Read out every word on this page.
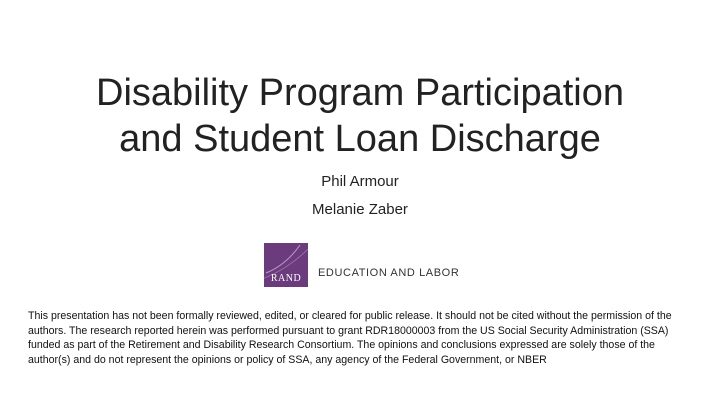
Disability Program Participation
and Student Loan Discharge
Phil Armour
Melanie Zaber
RAND	EDUCATION AND LABOR

This presentation has not been formally reviewed, edited, or cleared for public release. It should not be cited without the permission of the authors. The research reported herein was performed pursuant to grant RDR18000003 from the US Social Security Administration (SSA) funded as part of the Retirement and Disability Research Consortium. The opinions and conclusions expressed are solely those of the author(s) and do not represent the opinions or policy of SSA, any agency of the Federal Government, or NBER
